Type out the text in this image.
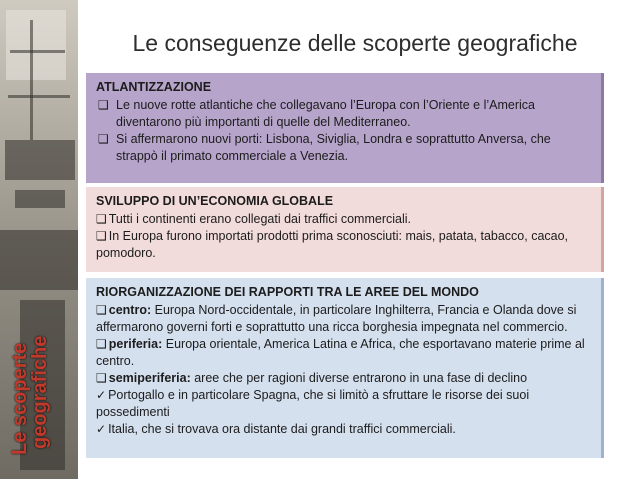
Le scoperte
geografiche
Le conseguenze delle scoperte geografiche
ATLANTIZZAZIONE
❑ Le nuove rotte atlantiche che collegavano l’Europa con l’Oriente e l’America diventarono più importanti di quelle del Mediterraneo.
❑ Si affermarono nuovi porti: Lisbona, Siviglia, Londra e soprattutto Anversa, che strappò il primato commerciale a Venezia.
SVILUPPO DI UN’ECONOMIA GLOBALE
❑ Tutti i continenti erano collegati dai traffici commerciali.
❑ In Europa furono importati prodotti prima sconosciuti: mais, patata, tabacco, cacao, pomodoro.
RIORGANIZZAZIONE DEI RAPPORTI TRA LE AREE DEL MONDO
❑ centro: Europa Nord-occidentale, in particolare Inghilterra, Francia e Olanda dove si affermarono governi forti e soprattutto una ricca borghesia impegnata nel commercio.
❑ periferia: Europa orientale, America Latina e Africa, che esportavano materie prime al centro.
❑ semiperiferia: aree che per ragioni diverse entrarono in una fase di declino
✓ Portogallo e in particolare Spagna, che si limitò a sfruttare le risorse dei suoi possedimenti
✓ Italia, che si trovava ora distante dai grandi traffici commerciali.
